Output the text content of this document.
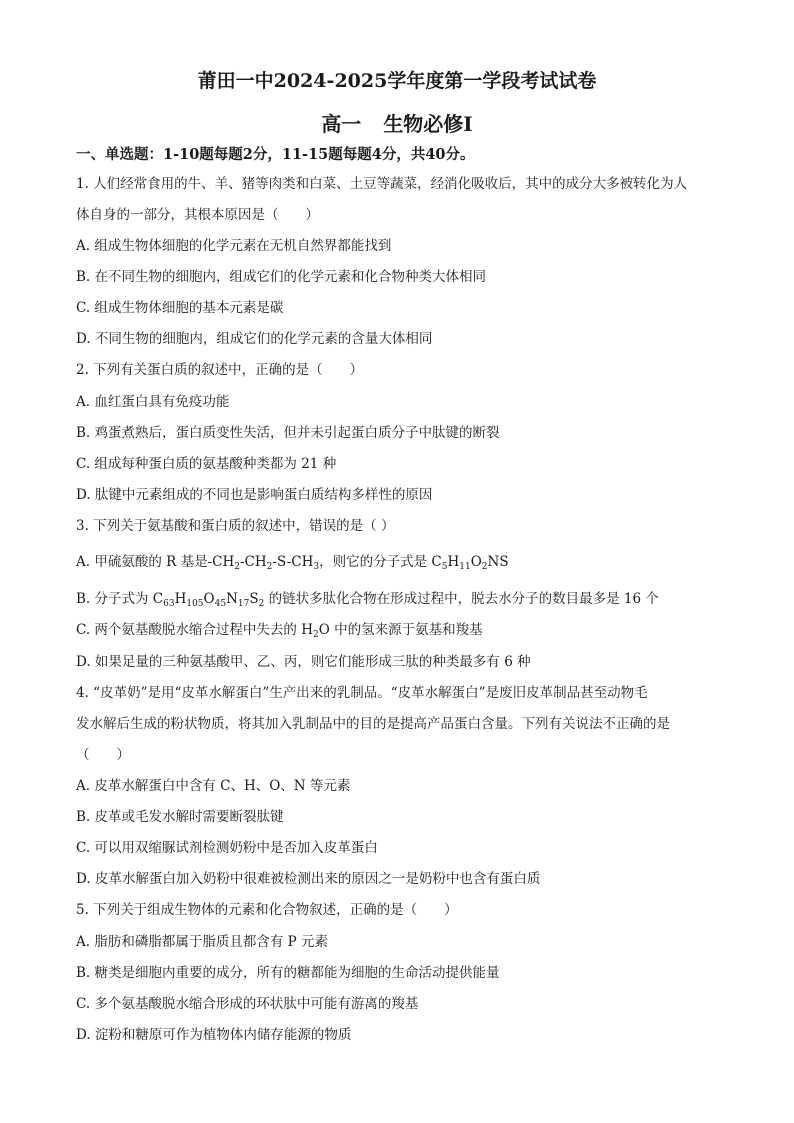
莆田一中2024-2025学年度第一学段考试试卷
高一 生物必修Ⅰ
一、单选题：1-10题每题2分，11-15题每题4分，共40分。
1. 人们经常食用的牛、羊、猪等肉类和白菜、土豆等蔬菜，经消化吸收后，其中的成分大多被转化为人
体自身的一部分，其根本原因是（　　）
A. 组成生物体细胞的化学元素在无机自然界都能找到
B. 在不同生物的细胞内，组成它们的化学元素和化合物种类大体相同
C. 组成生物体细胞的基本元素是碳
D. 不同生物的细胞内，组成它们的化学元素的含量大体相同
2. 下列有关蛋白质的叙述中，正确的是（　　）
A. 血红蛋白具有免疫功能
B. 鸡蛋煮熟后，蛋白质变性失活，但并未引起蛋白质分子中肽键的断裂
C. 组成每种蛋白质的氨基酸种类都为 21 种
D. 肽键中元素组成的不同也是影响蛋白质结构多样性的原因
3. 下列关于氨基酸和蛋白质的叙述中，错误的是（ ）
A. 甲硫氨酸的 R 基是$-CH_2-CH_2-S-CH_3$，则它的分子式是 $C_5H_{11}O_2NS$
B. 分子式为 $C_{63}H_{105}O_{45}N_{17}S_2$ 的链状多肽化合物在形成过程中，脱去水分子的数目最多是 16 个
C. 两个氨基酸脱水缩合过程中失去的 $H_2O$ 中的氢来源于氨基和羧基
D. 如果足量的三种氨基酸甲、乙、丙，则它们能形成三肽的种类最多有 6 种
4. “皮革奶”是用“皮革水解蛋白”生产出来的乳制品。“皮革水解蛋白”是废旧皮革制品甚至动物毛
发水解后生成的粉状物质，将其加入乳制品中的目的是提高产品蛋白含量。下列有关说法不正确的是
（　　）
A. 皮革水解蛋白中含有 C、H、O、N 等元素
B. 皮革或毛发水解时需要断裂肽键
C. 可以用双缩脲试剂检测奶粉中是否加入皮革蛋白
D. 皮革水解蛋白加入奶粉中很难被检测出来的原因之一是奶粉中也含有蛋白质
5. 下列关于组成生物体的元素和化合物叙述，正确的是（　　）
A. 脂肪和磷脂都属于脂质且都含有 P 元素
B. 糖类是细胞内重要的成分，所有的糖都能为细胞的生命活动提供能量
C. 多个氨基酸脱水缩合形成的环状肽中可能有游离的羧基
D. 淀粉和糖原可作为植物体内储存能源的物质
